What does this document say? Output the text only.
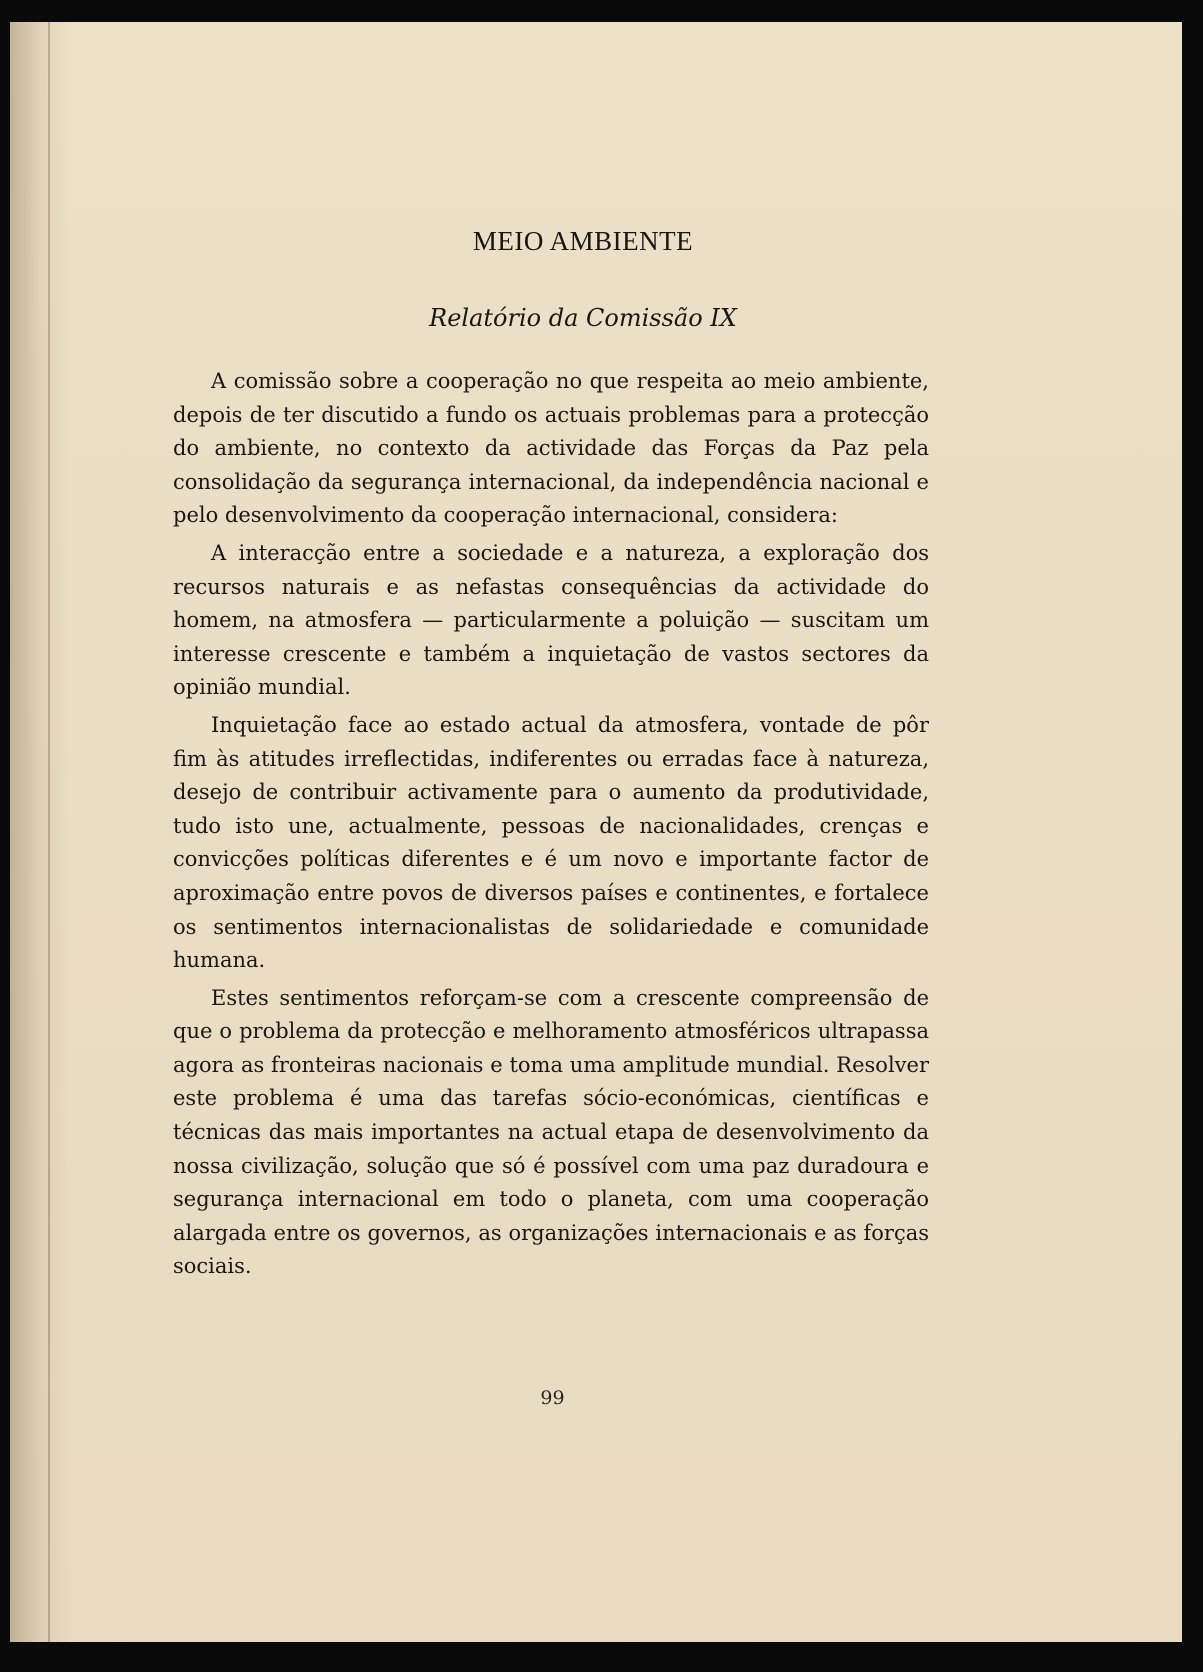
MEIO AMBIENTE
Relatório da Comissão IX

A comissão sobre a cooperação no que respeita ao meio ambiente, depois de ter discutido a fundo os actuais problemas para a protecção do ambiente, no contexto da actividade das Forças da Paz pela consolidação da segurança internacional, da independência nacional e pelo desenvolvimento da cooperação internacional, considera:

A interacção entre a sociedade e a natureza, a exploração dos recursos naturais e as nefastas consequências da actividade do homem, na atmosfera — particularmente a poluição — suscitam um interesse crescente e também a inquietação de vastos sectores da opinião mundial.

Inquietação face ao estado actual da atmosfera, vontade de pôr fim às atitudes irreflectidas, indiferentes ou erradas face à natureza, desejo de contribuir activamente para o aumento da produtividade, tudo isto une, actualmente, pessoas de nacionalidades, crenças e convicções políticas diferentes e é um novo e importante factor de aproximação entre povos de diversos países e continentes, e fortalece os sentimentos internacionalistas de solidariedade e comunidade humana.

Estes sentimentos reforçam-se com a crescente compreensão de que o problema da protecção e melhoramento atmosféricos ultrapassa agora as fronteiras nacionais e toma uma amplitude mundial. Resolver este problema é uma das tarefas sócio-económicas, científicas e técnicas das mais importantes na actual etapa de desenvolvimento da nossa civilização, solução que só é possível com uma paz duradoura e segurança internacional em todo o planeta, com uma cooperação alargada entre os governos, as organizações internacionais e as forças sociais.

99
